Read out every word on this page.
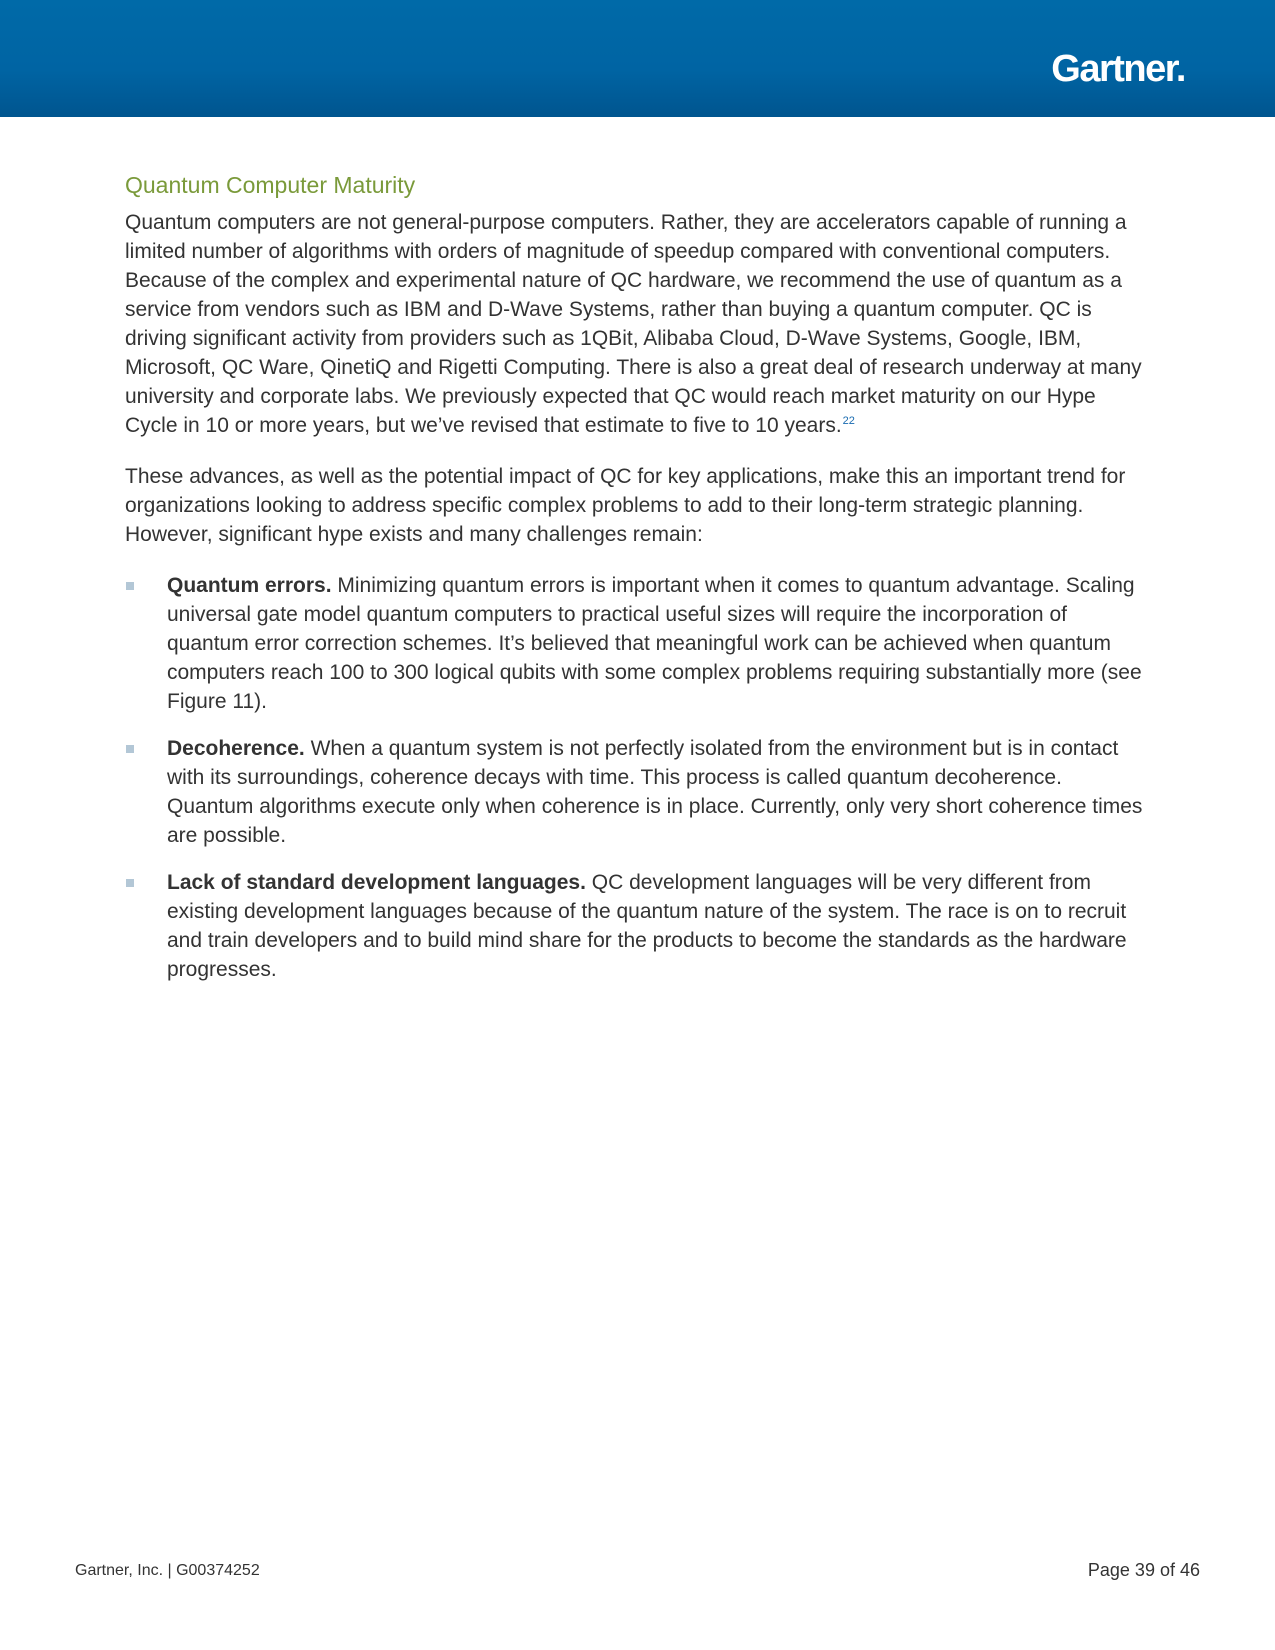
Gartner.
Quantum Computer Maturity

Quantum computers are not general-purpose computers. Rather, they are accelerators capable of running a limited number of algorithms with orders of magnitude of speedup compared with conventional computers. Because of the complex and experimental nature of QC hardware, we recommend the use of quantum as a service from vendors such as IBM and D-Wave Systems, rather than buying a quantum computer. QC is driving significant activity from providers such as 1QBit, Alibaba Cloud, D-Wave Systems, Google, IBM, Microsoft, QC Ware, QinetiQ and Rigetti Computing. There is also a great deal of research underway at many university and corporate labs. We previously expected that QC would reach market maturity on our Hype Cycle in 10 or more years, but we’ve revised that estimate to five to 10 years.$^{22}$

These advances, as well as the potential impact of QC for key applications, make this an important trend for organizations looking to address specific complex problems to add to their long-term strategic planning. However, significant hype exists and many challenges remain:

Quantum errors. Minimizing quantum errors is important when it comes to quantum advantage. Scaling universal gate model quantum computers to practical useful sizes will require the incorporation of quantum error correction schemes. It’s believed that meaningful work can be achieved when quantum computers reach 100 to 300 logical qubits with some complex problems requiring substantially more (see Figure 11).
Decoherence. When a quantum system is not perfectly isolated from the environment but is in contact with its surroundings, coherence decays with time. This process is called quantum decoherence. Quantum algorithms execute only when coherence is in place. Currently, only very short coherence times are possible.
Lack of standard development languages. QC development languages will be very different from existing development languages because of the quantum nature of the system. The race is on to recruit and train developers and to build mind share for the products to become the standards as the hardware progresses.
Gartner, Inc. | G00374252	Page 39 of 46
